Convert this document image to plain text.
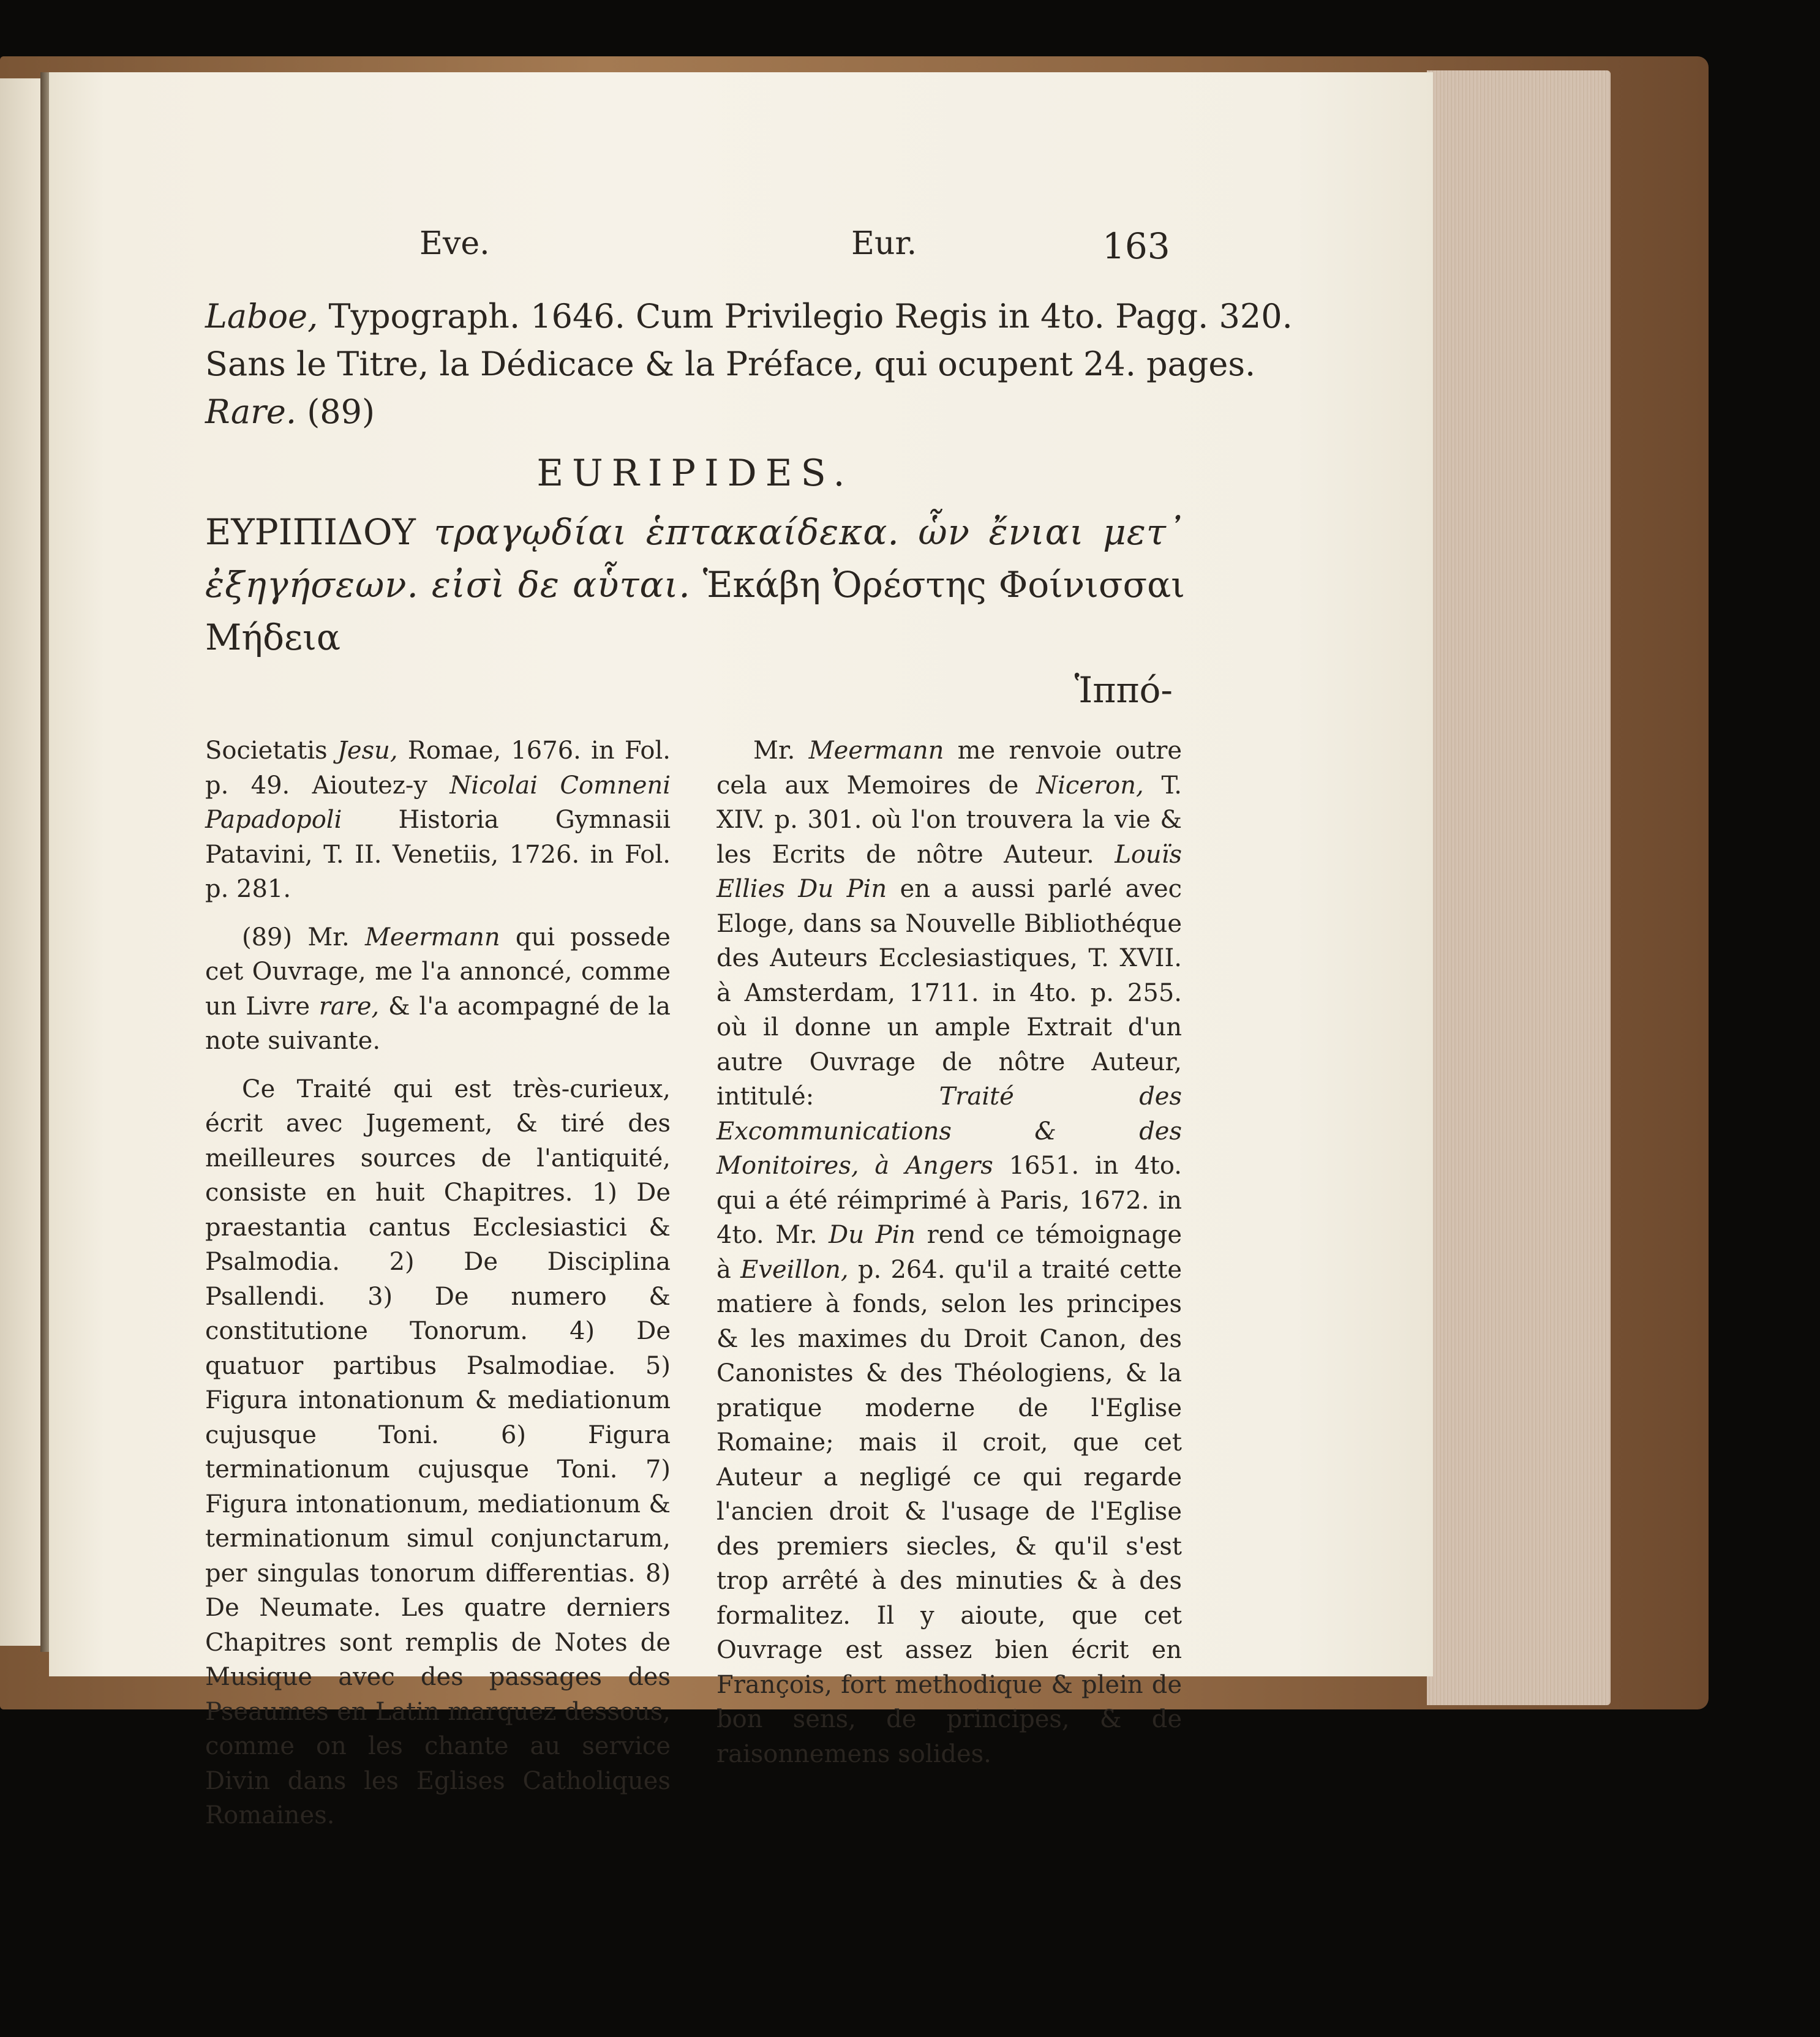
Eve.	Eur.	163
Laboe, Typograph. 1646. Cum Privilegio Regis in 4to. Pagg. 320.
Sans le Titre, la Dédicace & la Préface, qui ocupent 24. pages.
Rare. (89)
EURIPIDES.
ΕΥΡΙΠΙΔΟΥ τραγῳδίαι ἑπτακαίδεκα. ὧν ἔνιαι μετ᾽ ἐξηγήσεων. εἰσὶ δε αὗται. Ἑκάβη Ὀρέστης Φοίνισσαι Μήδεια
Ἱππό-

Societatis Jesu, Romae, 1676. in Fol. p. 49. Aioutez-y Nicolai Comneni Papadopoli Historia Gymnasii Patavini, T. II. Venetiis, 1726. in Fol. p. 281.

(89) Mr. Meermann qui possede cet Ouvrage, me l'a annoncé, comme un Livre rare, & l'a acompagné de la note suivante.

Ce Traité qui est très-curieux, écrit avec Jugement, & tiré des meilleures sources de l'antiquité, consiste en huit Chapitres. 1) De praestantia cantus Ecclesiastici & Psalmodia. 2) De Disciplina Psallendi. 3) De numero & constitutione Tonorum. 4) De quatuor partibus Psalmodiae. 5) Figura intonationum & mediationum cujusque Toni. 6) Figura terminationum cujusque Toni. 7) Figura intonationum, mediationum & terminationum simul conjunctarum, per singulas tonorum differentias. 8) De Neumate. Les quatre derniers Chapitres sont remplis de Notes de Musique avec des passages des Pseaumes en Latin marquez dessous, comme on les chante au service Divin dans les Eglises Catholiques Romaines.

Mr. Meermann me renvoie outre cela aux Memoires de Niceron, T. XIV. p. 301. où l'on trouvera la vie & les Ecrits de nôtre Auteur. Louïs Ellies Du Pin en a aussi parlé avec Eloge, dans sa Nouvelle Bibliothéque des Auteurs Ecclesiastiques, T. XVII. à Amsterdam, 1711. in 4to. p. 255. où il donne un ample Extrait d'un autre Ouvrage de nôtre Auteur, intitulé:	Traité des Excommunications & des Monitoires, à Angers 1651. in 4to. qui a été réimprimé à Paris, 1672. in 4to. Mr. Du Pin rend ce témoignage à Eveillon, p. 264. qu'il a traité cette matiere à fonds, selon les principes & les maximes du Droit Canon, des Canonistes & des Théologiens, & la pratique moderne de l'Eglise Romaine; mais il croit, que cet Auteur a negligé ce qui regarde l'ancien droit & l'usage de l'Eglise des premiers siecles, & qu'il s'est trop arrêté à des minuties & à des formalitez. Il y aioute, que cet Ouvrage est assez bien écrit en François, fort methodique & plein de bon sens, de principes, & de raisonnemens solides.
